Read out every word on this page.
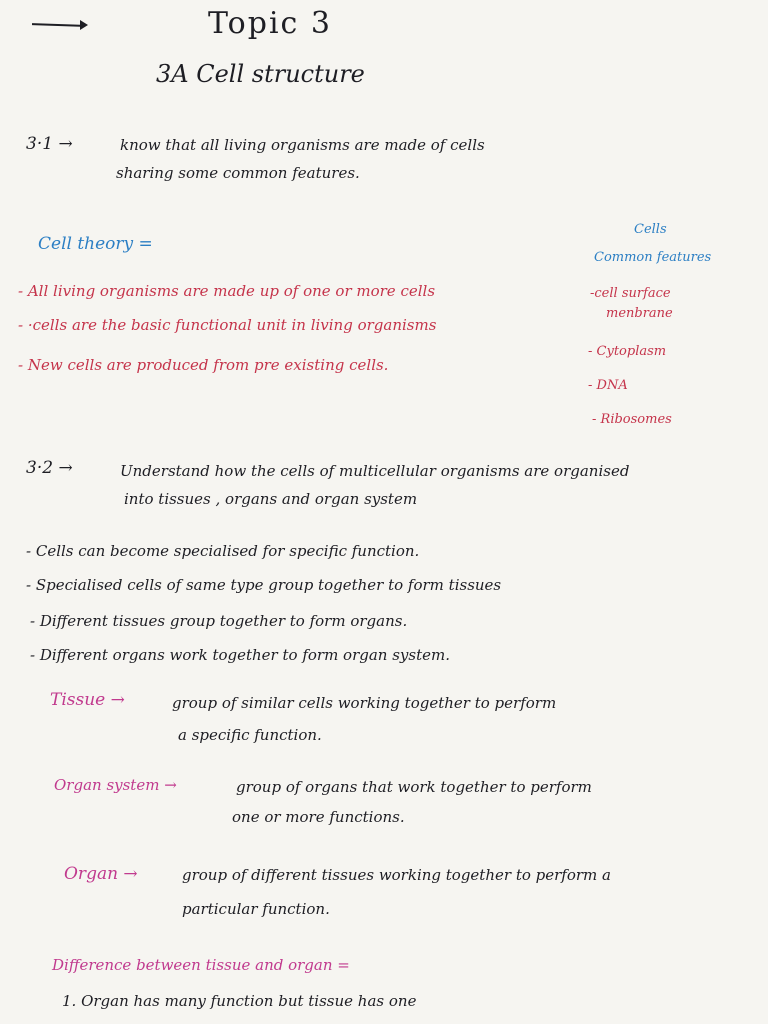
Topic 3
3A Cell structure
3·1 →	know that all living organisms are made of cells
sharing some common features.
Cell theory =
- All living organisms are made up of one or more cells
- ·cells are the basic functional unit in living organisms
- New cells are produced from pre existing cells.
Cells
Common features
-cell surface
menbrane
- Cytoplasm
- DNA
- Ribosomes
3·2 →	Understand how the cells of multicellular organisms are organised
into tissues , organs and organ system
- Cells can become specialised for specific function.
- Specialised cells of same type group together to form tissues
- Different tissues group together to form organs.
- Different organs work together to form organ system.
Tissue →	group of similar cells working together to perform
a specific function.
Organ system →	group of organs that work together to perform
one or more functions.
Organ →	group of different tissues working together to perform a
particular function.
Difference between tissue and organ =
1. Organ has many function but tissue has one
